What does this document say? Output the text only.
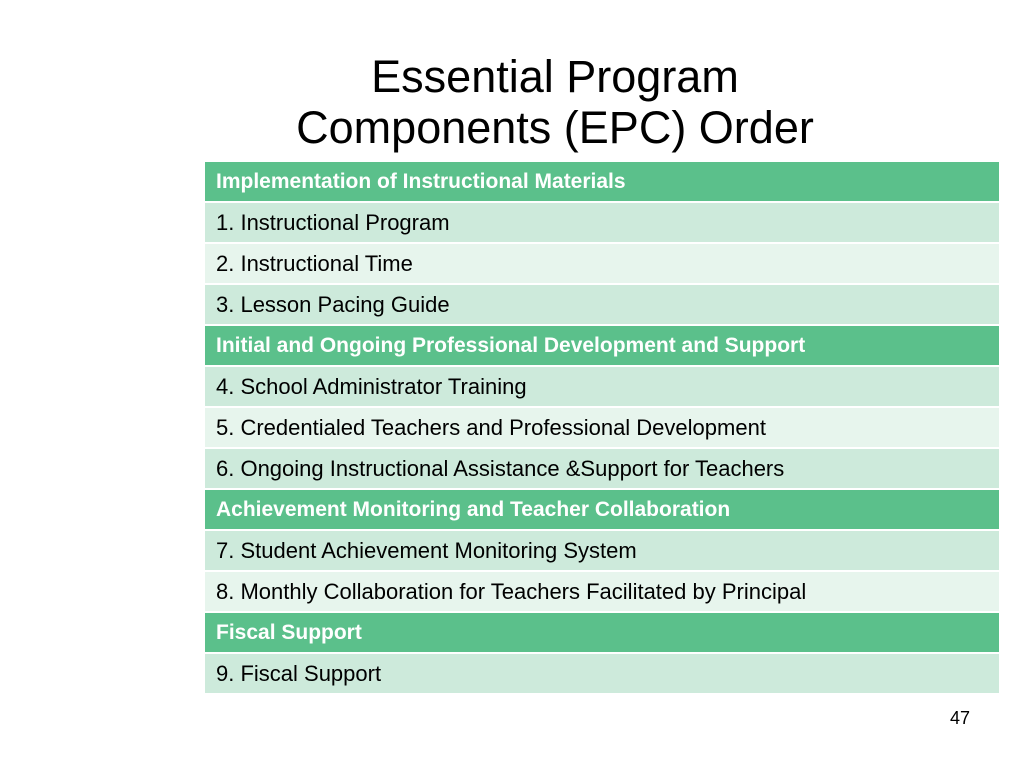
Essential Program
Components (EPC) Order
Implementation of Instructional Materials
1. Instructional Program
2. Instructional Time
3. Lesson Pacing Guide
Initial and Ongoing Professional Development and Support
4. School Administrator Training
5. Credentialed Teachers and Professional Development
6. Ongoing Instructional Assistance &Support for Teachers
Achievement Monitoring and Teacher Collaboration
7. Student Achievement Monitoring System
8. Monthly Collaboration for Teachers Facilitated by Principal
Fiscal Support
9. Fiscal Support
47
